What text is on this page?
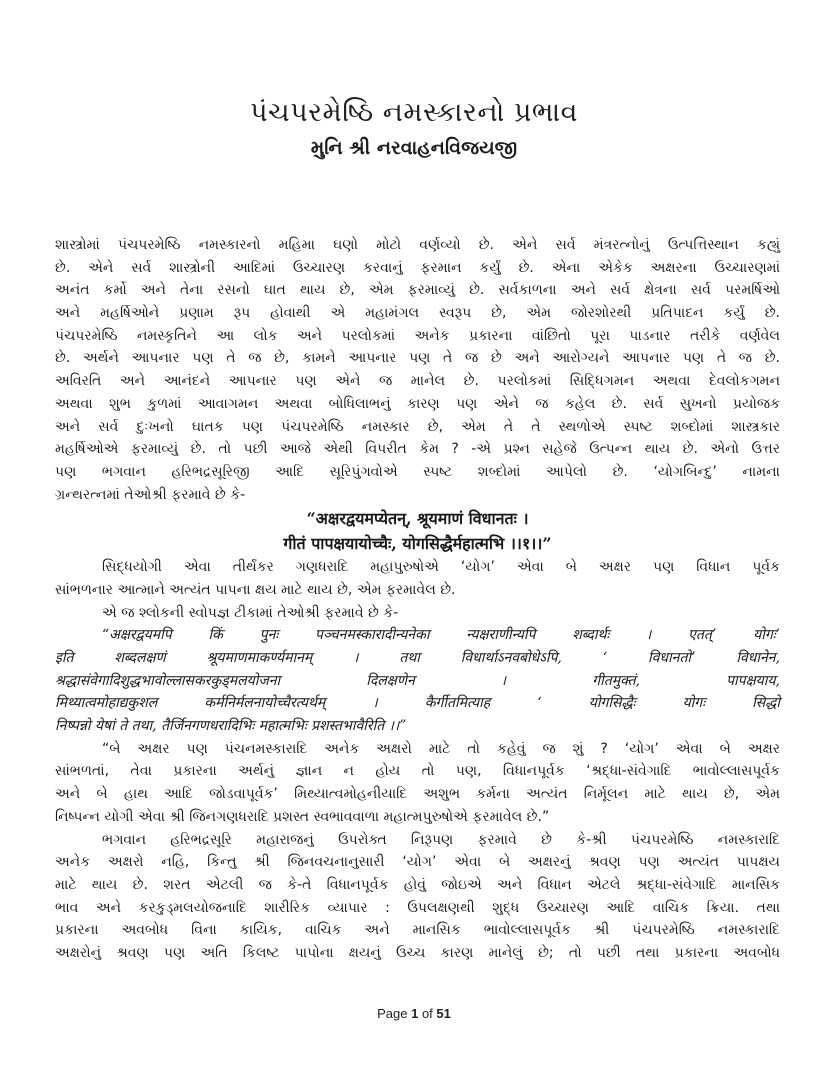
પંચપરમેષ્ઠિ નમસ્કારનો પ્રભાવ
મુનિ શ્રી નરવાહનવિજયજી
શાસ્ત્રોમાં પંચપરમેષ્ઠિ નમસ્કારનો મહિમા ઘણો મોટો વર્ણવ્યો છે. એને સર્વ મંત્રરત્નોનું ઉત્પત્તિસ્થાન કહ્યું
છે. એને સર્વ શાસ્ત્રોની આદિમાં ઉચ્ચારણ કરવાનું ફરમાન કર્યું છે. એના એકેક અક્ષરના ઉચ્ચારણમાં
અનંત કર્મો અને તેના રસનો ઘાત થાય છે, એમ ફરમાવ્યું છે. સર્વકાળના અને સર્વ ક્ષેત્રના સર્વ પરમર્ષિઓ
અને મહર્ષિઓને પ્રણામ રૂપ હોવાથી એ મહામંગલ સ્વરૂપ છે, એમ જોરશોરથી પ્રતિપાદન કર્યું છે.
પંચપરમેષ્ઠિ નમસ્કૃતિને આ લોક અને પરલોકમાં અનેક પ્રકારના વાંછિતો પૂરા પાડનાર તરીકે વર્ણવેલ
છે. અર્થને આપનાર પણ તે જ છે, કામને આપનાર પણ તે જ છે અને આરોગ્યને આપનાર પણ તે જ છે.
અવિરતિ અને આનંદને આપનાર પણ એને જ માનેલ છે. પરલોકમાં સિદ્ધિગમન અથવા દેવલોકગમન
અથવા શુભ કુળમાં આવાગમન અથવા બોધિલાભનું કારણ પણ એને જ કહેલ છે. સર્વ સુખનો પ્રયોજક
અને સર્વ દુઃખનો ઘાતક પણ પંચપરમેષ્ઠિ નમસ્કાર છે, એમ તે તે સ્થળોએ સ્પષ્ટ શબ્દોમાં શાસ્ત્રકાર
મહર્ષિઓએ ફરમાવ્યું છે. તો પછી આજે એથી વિપરીત કેમ ? -એ પ્રશ્ન સહેજે ઉત્પન્ન થાય છે. એનો ઉત્તર
પણ ભગવાન હરિભદ્રસૂરિજી આદિ સૂરિપુંગવોએ સ્પષ્ટ શબ્દોમાં આપેલો છે. ‘યોગબિન્દુ’ નામના
ગ્રન્થરત્નમાં તેઓશ્રી ફરમાવે છે કે-
“अक्षरद्वयमप्येतन्, श्रूयमाणं विधानतः ।
गीतं पापक्षयायोच्चैः, योगसिद्धैर्महात्मभि ।।१।।”
સિદ્ધયોગી એવા તીર્થંકર ગણધરાદિ મહાપુરુષોએ ‘યોગ’ એવા બે અક્ષર પણ વિધાન પૂર્વક
સાંભળનાર આત્માને અત્યંત પાપના ક્ષય માટે થાય છે, એમ ફરમાવેલ છે.
એ જ શ્લોકની સ્વોપજ્ઞ ટીકામાં તેઓશ્રી ફરમાવે છે કે-
“अक्षरद्वयमपि किं पुनः पञ्चनमस्कारादीन्यनेका न्यक्षराणीन्यपि शब्दार्थः । एतत्’ योगः’
इति शब्दलक्षणं श्रूयमाणमाकर्ण्यमानम् । तथा विधार्थाऽनवबोधेऽपि, ‘ विधानतो’ विधानेन,
श्रद्धासंवेगादिशुद्धभावोल्लासकरकुड्मलयोजना दिलक्षणेन । गीतमुक्तं, पापक्षयाय,
मिथ्यात्वमोहाद्यकुशल कर्मनिर्मलनायोच्चैरत्यर्थम् । कैर्गीतमित्याह ‘ योगसिद्धैः योगः सिद्धो
निष्पन्नो येषां ते तथा, तैर्जिनगणधरादिभिः महात्मभिः प्रशस्तभावैरिति ।।”
“બે અક્ષર પણ પંચનમસ્કારાદિ અનેક અક્ષરો માટે તો કહેવું જ શું ? ‘યોગ’ એવા બે અક્ષર
સાંભળતાં, તેવા પ્રકારના અર્થનું જ્ઞાન ન હોય તો પણ, વિધાનપૂર્વક ‘શ્રદ્ધા-સંવેગાદિ ભાવોલ્લાસપૂર્વક
અને બે હાથ આદિ જોડવાપૂર્વક’ મિથ્યાત્વમોહનીયાદિ અશુભ કર્મના અત્યંત નિર્મૂલન માટે થાય છે, એમ
નિષ્પન્ન યોગી એવા શ્રી જિનગણધરાદિ પ્રશસ્ત સ્વભાવવાળા મહાત્મપુરુષોએ ફરમાવેલ છે.”
ભગવાન હરિભદ્રસૂરિ મહારાજનું ઉપરોક્ત નિરૂપણ ફરમાવે છે કે-શ્રી પંચપરમેષ્ઠિ નમસ્કારાદિ
અનેક અક્ષરો નહિ, કિન્તુ શ્રી જિનવચનાનુસારી ‘યોગ’ એવા બે અક્ષરનું શ્રવણ પણ અત્યંત પાપક્ષય
માટે થાય છે. શરત એટલી જ કે-તે વિધાનપૂર્વક હોવું જોઇએ અને વિધાન એટલે શ્રદ્ધા-સંવેગાદિ માનસિક
ભાવ અને કરકુડ્મલયોજનાદિ શારીરિક વ્યાપાર : ઉપલક્ષણથી શુદ્ધ ઉચ્ચારણ આદિ વાચિક ક્રિયા. તથા
પ્રકારના અવબોધ વિના કાયિક, વાચિક અને માનસિક ભાવોલ્લાસપૂર્વક શ્રી પંચપરમેષ્ઠિ નમસ્કારાદિ
અક્ષરોનું શ્રવણ પણ અતિ કિલષ્ટ પાપોના ક્ષયનું ઉચ્ચ કારણ માનેલું છે; તો પછી તથા પ્રકારના અવબોધ
Page 1 of 51
